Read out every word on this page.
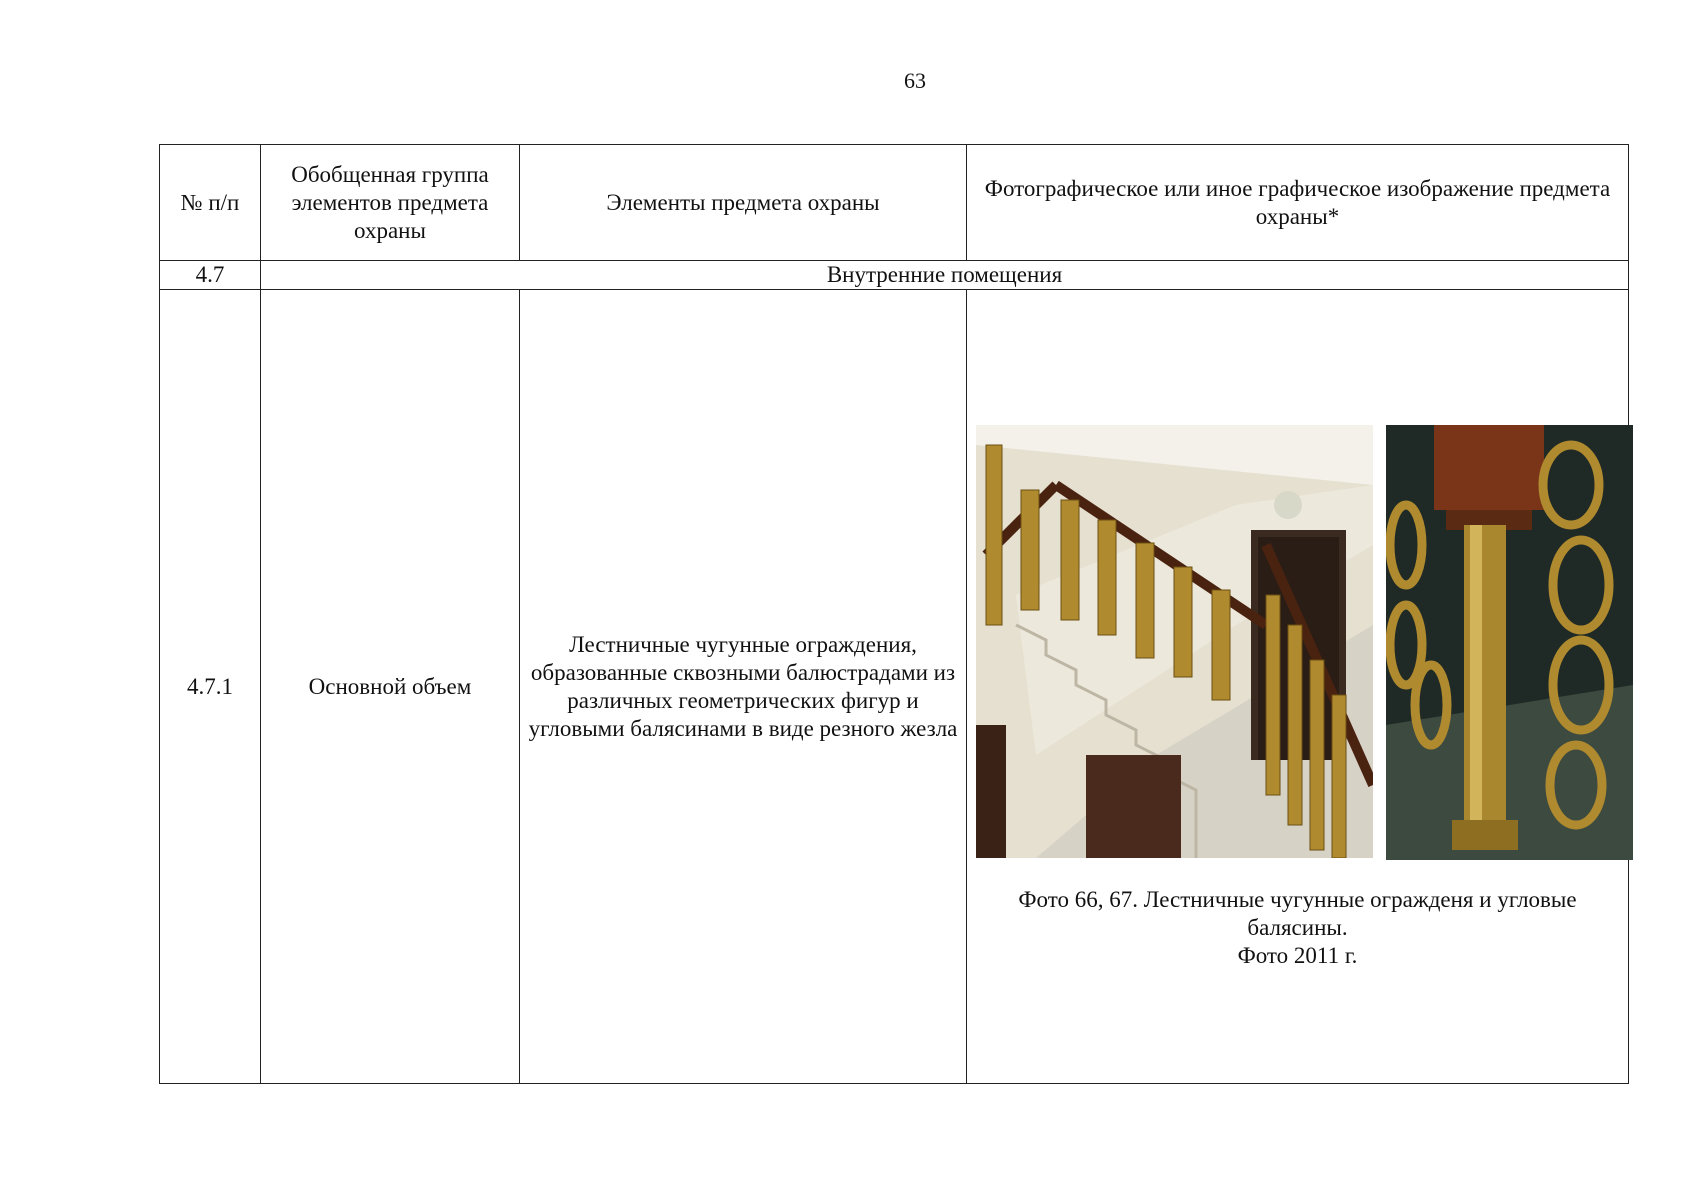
63
№ п/п	Обобщенная группа элементов предмета охраны	Элементы предмета охраны	Фотографическое или иное графическое изображение предмета охраны*
4.7	Внутренние помещения		
4.7.1	Основной объем	Лестничные чугунные ограждения, образованные сквозными балюстрадами из различных геометрических фигур и угловыми балясинами в виде резного жезла	Фото 66, 67. Лестничные чугунные ограждeня и угловые балясины.
Фото 2011 г.
